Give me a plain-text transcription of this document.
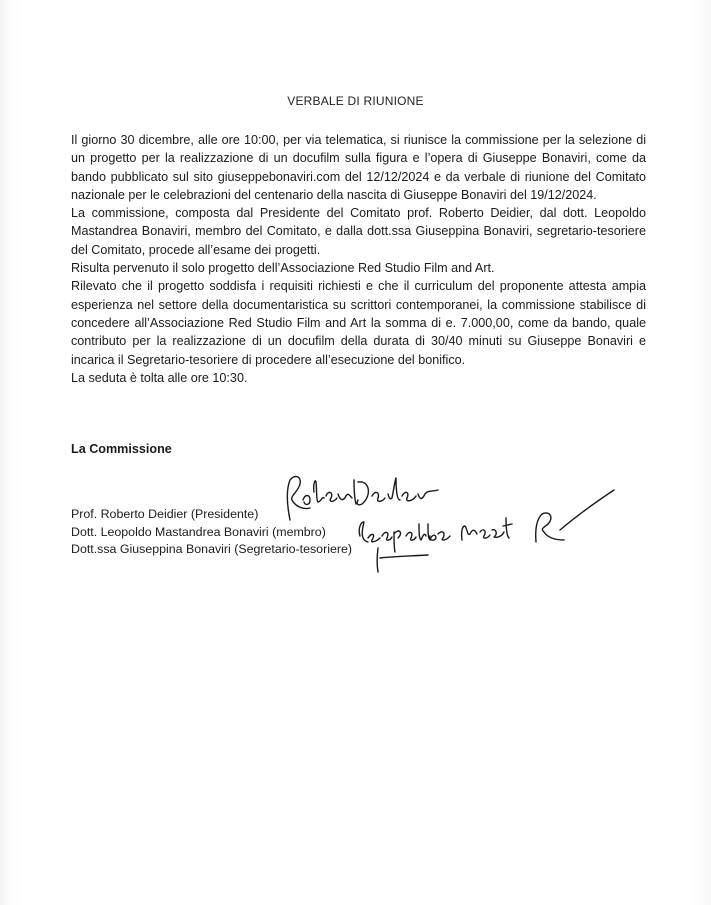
VERBALE DI RIUNIONE

Il giorno 30 dicembre, alle ore 10:00, per via telematica, si riunisce la commissione per la selezione di un progetto per la realizzazione di un docufilm sulla figura e l’opera di Giuseppe Bonaviri, come da bando pubblicato sul sito giuseppebonaviri.com del 12/12/2024 e da verbale di riunione del Comitato nazionale per le celebrazioni del centenario della nascita di Giuseppe Bonaviri del 19/12/2024.

La commissione, composta dal Presidente del Comitato prof. Roberto Deidier, dal dott. Leopoldo Mastandrea Bonaviri, membro del Comitato, e dalla dott.ssa Giuseppina Bonaviri, segretario-tesoriere del Comitato, procede all’esame dei progetti.

Risulta pervenuto il solo progetto dell’Associazione Red Studio Film and Art.

Rilevato che il progetto soddisfa i requisiti richiesti e che il curriculum del proponente attesta ampia esperienza nel settore della documentaristica su scrittori contemporanei, la commissione stabilisce di concedere all’Associazione Red Studio Film and Art la somma di e. 7.000,00, come da bando, quale contributo per la realizzazione di un docufilm della durata di 30/40 minuti su Giuseppe Bonaviri e incarica il Segretario-tesoriere di procedere all’esecuzione del bonifico.

La seduta è tolta alle ore 10:30.

La Commissione
Prof. Roberto Deidier (Presidente)
Dott. Leopoldo Mastandrea Bonaviri (membro)
Dott.ssa Giuseppina Bonaviri (Segretario-tesoriere)
